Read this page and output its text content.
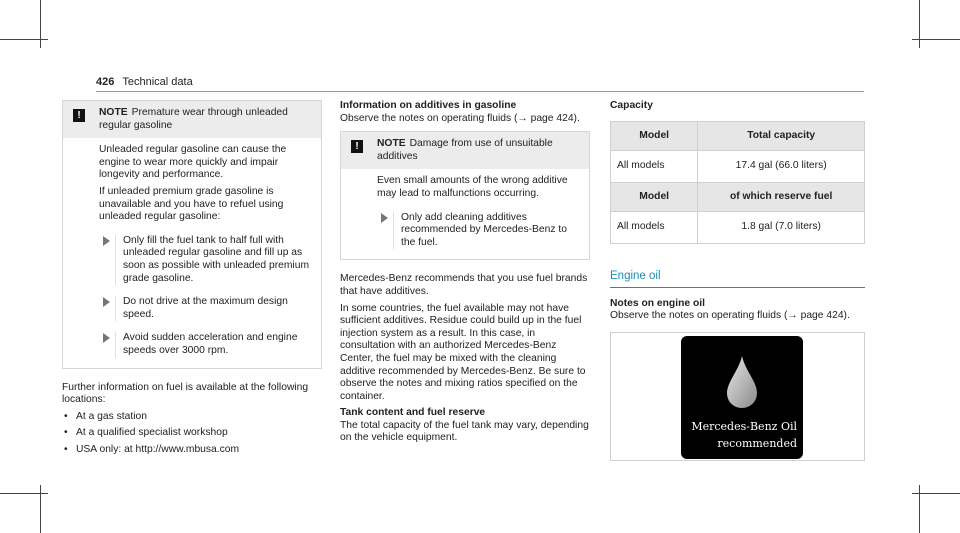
426 Technical data
!	NOTE Premature wear through unleaded regular gasoline

Unleaded regular gasoline can cause the engine to wear more quickly and impair longevity and performance.

If unleaded premium grade gasoline is unavailable and you have to refuel using unleaded regular gasoline:

Only fill the fuel tank to half full with unleaded regular gasoline and fill up as soon as possible with unleaded premium grade gasoline.
Do not drive at the maximum design speed.
Avoid sudden acceleration and engine speeds over 3000 rpm.

Further information on fuel is available at the following locations:

• At a gas station
• At a qualified specialist workshop
• USA only: at http://www.mbusa.com

Information on additives in gasoline

Observe the notes on operating fluids (→ page 424).

!	NOTE Damage from use of unsuitable additives

Even small amounts of the wrong additive may lead to malfunctions occurring.

Only add cleaning additives recommended by Mercedes-Benz to the fuel.

Mercedes-Benz recommends that you use fuel brands that have additives.

In some countries, the fuel available may not have sufficient additives. Residue could build up in the fuel injection system as a result. In this case, in consultation with an authorized Mercedes-Benz Center, the fuel may be mixed with the cleaning additive recommended by Mercedes-Benz. Be sure to observe the notes and mixing ratios specified on the container.

Tank content and fuel reserve

The total capacity of the fuel tank may vary, depending on the vehicle equipment.

Capacity

Model	Total capacity
All models	17.4 gal (66.0 liters)
Model	of which reserve fuel
All models	1.8 gal (7.0 liters)
Engine oil

Notes on engine oil

Observe the notes on operating fluids (→ page 424).

Mercedes-Benz Oil
recommended
